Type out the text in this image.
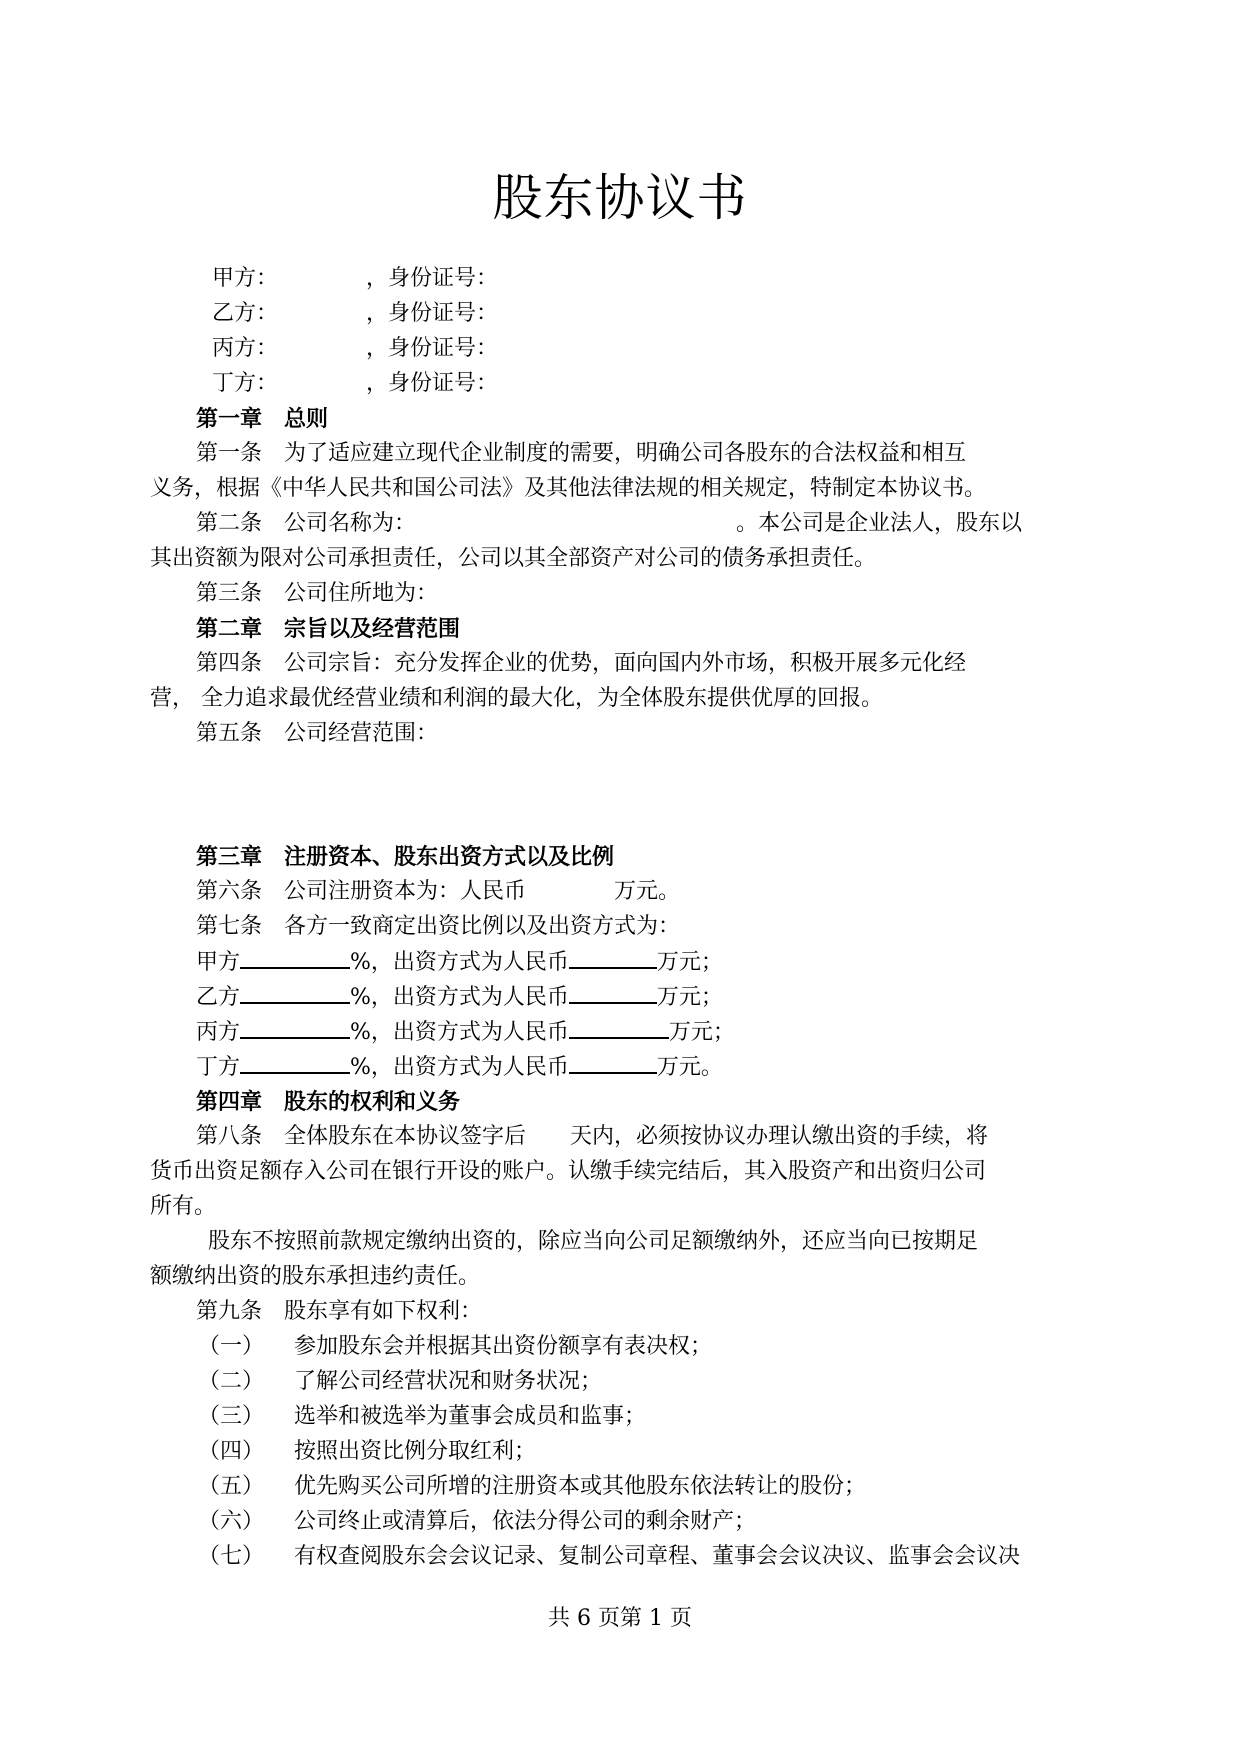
股东协议书
甲方：	，身份证号：
乙方：	，身份证号：
丙方：	，身份证号：
丁方：	，身份证号：
第一章 总则
第一条 为了适应建立现代企业制度的需要，明确公司各股东的合法权益和相互
义务，根据《中华人民共和国公司法》及其他法律法规的相关规定，特制定本协议书。
第二条 公司名称为：	。本公司是企业法人，股东以
其出资额为限对公司承担责任，公司以其全部资产对公司的债务承担责任。
第三条 公司住所地为：
第二章 宗旨以及经营范围
第四条 公司宗旨：充分发挥企业的优势，面向国内外市场，积极开展多元化经
营， 全力追求最优经营业绩和利润的最大化，为全体股东提供优厚的回报。
第五条 公司经营范围：
第三章 注册资本、股东出资方式以及比例
第六条 公司注册资本为：人民币	万元。
第七条 各方一致商定出资比例以及出资方式为：
甲方	%，出资方式为人民币	万元；
乙方	%，出资方式为人民币	万元；
丙方	%，出资方式为人民币	万元；
丁方	%，出资方式为人民币	万元。
第四章 股东的权利和义务
第八条 全体股东在本协议签字后 天内，必须按协议办理认缴出资的手续，将
货币出资足额存入公司在银行开设的账户。认缴手续完结后，其入股资产和出资归公司
所有。
股东不按照前款规定缴纳出资的，除应当向公司足额缴纳外，还应当向已按期足
额缴纳出资的股东承担违约责任。
第九条 股东享有如下权利：
（一） 参加股东会并根据其出资份额享有表决权；
（二） 了解公司经营状况和财务状况；
（三） 选举和被选举为董事会成员和监事；
（四） 按照出资比例分取红利；
（五） 优先购买公司所增的注册资本或其他股东依法转让的股份；
（六） 公司终止或清算后，依法分得公司的剩余财产；
（七） 有权查阅股东会会议记录、复制公司章程、董事会会议决议、监事会会议决
共 6 页第 1 页
